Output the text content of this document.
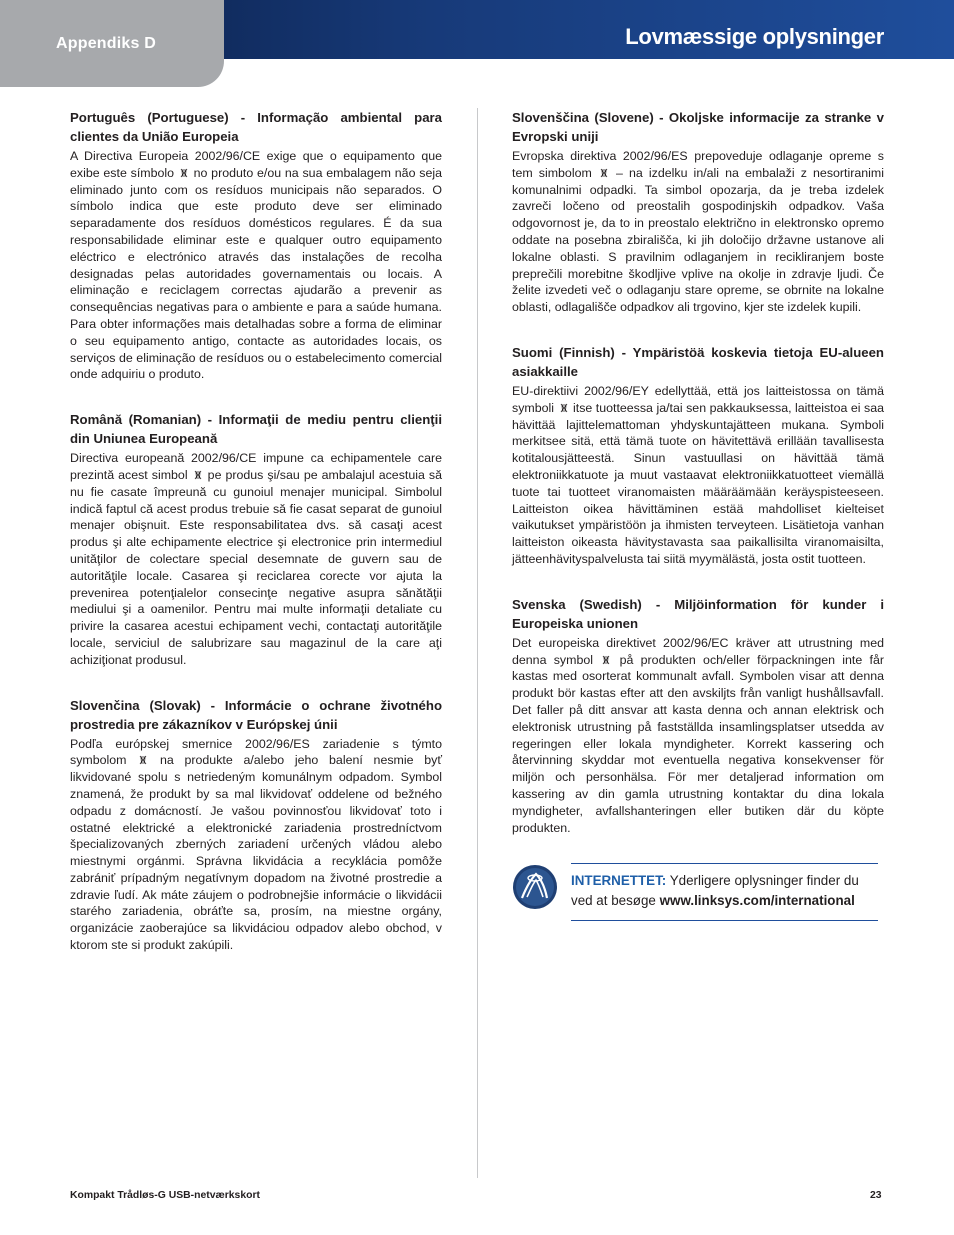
Appendiks D	Lovmæssige oplysninger
Português (Portuguese) - Informação ambiental para clientes da União Europeia

A Directiva Europeia 2002/96/CE exige que o equipamento que exibe este símbolo no produto e/ou na sua embalagem não seja eliminado junto com os resíduos municipais não separados. O símbolo indica que este produto deve ser eliminado separadamente dos resíduos domésticos regulares. É da sua responsabilidade eliminar este e qualquer outro equipamento eléctrico e electrónico através das instalações de recolha designadas pelas autoridades governamentais ou locais. A eliminação e reciclagem correctas ajudarão a prevenir as consequências negativas para o ambiente e para a saúde humana. Para obter informações mais detalhadas sobre a forma de eliminar o seu equipamento antigo, contacte as autoridades locais, os serviços de eliminação de resíduos ou o estabelecimento comercial onde adquiriu o produto.

Română (Romanian) - Informaţii de mediu pentru clienţii din Uniunea Europeană

Directiva europeană 2002/96/CE impune ca echipamentele care prezintă acest simbol pe produs şi/sau pe ambalajul acestuia să nu fie casate împreună cu gunoiul menajer municipal. Simbolul indică faptul că acest produs trebuie să fie casat separat de gunoiul menajer obişnuit. Este responsabilitatea dvs. să casaţi acest produs şi alte echipamente electrice şi electronice prin intermediul unităţilor de colectare special desemnate de guvern sau de autorităţile locale. Casarea şi reciclarea corecte vor ajuta la prevenirea potenţialelor consecinţe negative asupra sănătăţii mediului şi a oamenilor. Pentru mai multe informaţii detaliate cu privire la casarea acestui echipament vechi, contactaţi autorităţile locale, serviciul de salubrizare sau magazinul de la care aţi achiziţionat produsul.

Slovenčina (Slovak) - Informácie o ochrane životného prostredia pre zákazníkov v Európskej únii

Podľa európskej smernice 2002/96/ES zariadenie s týmto symbolom	na produkte a/alebo jeho balení nesmie byť likvidované spolu s netriedeným komunálnym odpadom. Symbol znamená, že produkt by sa mal likvidovať oddelene od bežného odpadu z domácností. Je vašou povinnosťou likvidovať toto i ostatné elektrické a elektronické zariadenia prostredníctvom špecializovaných zberných zariadení určených vládou alebo miestnymi orgánmi. Správna likvidácia a recyklácia pomôže zabrániť prípadným negatívnym dopadom na životné prostredie a zdravie ľudí. Ak máte záujem o podrobnejšie informácie o likvidácii starého zariadenia, obráťte sa, prosím, na miestne orgány, organizácie zaoberajúce sa likvidáciou odpadov alebo obchod, v ktorom ste si produkt zakúpili.

Slovenščina (Slovene) - Okoljske informacije za stranke v Evropski uniji

Evropska direktiva 2002/96/ES prepoveduje odlaganje opreme s tem simbolom – na izdelku in/ali na embalaži z nesortiranimi komunalnimi odpadki. Ta simbol opozarja, da je treba izdelek zavreči ločeno od preostalih gospodinjskih odpadkov. Vaša odgovornost je, da to in preostalo električno in elektronsko opremo oddate na posebna zbirališča, ki jih določijo državne ustanove ali lokalne oblasti. S pravilnim odlaganjem in recikliranjem boste preprečili morebitne škodljive vplive na okolje in zdravje ljudi. Če želite izvedeti več o odlaganju stare opreme, se obrnite na lokalne oblasti, odlagališče odpadkov ali trgovino, kjer ste izdelek kupili.

Suomi (Finnish) - Ympäristöä koskevia tietoja EU-alueen asiakkaille

EU-direktiivi 2002/96/EY edellyttää, että jos laitteistossa on tämä symboli itse tuotteessa ja/tai sen pakkauksessa, laitteistoa ei saa hävittää lajittelemattoman yhdyskuntajätteen mukana. Symboli merkitsee sitä, että tämä tuote on hävitettävä erillään tavallisesta kotitalousjätteestä. Sinun vastuullasi on hävittää tämä elektroniikkatuote ja muut vastaavat elektroniikkatuotteet viemällä tuote tai tuotteet viranomaisten määräämään keräyspisteeseen. Laitteiston oikea hävittäminen estää mahdolliset kielteiset vaikutukset ympäristöön ja ihmisten terveyteen. Lisätietoja vanhan laitteiston oikeasta hävitystavasta saa paikallisilta viranomaisilta, jätteenhävityspalvelusta tai siitä myymälästä, josta ostit tuotteen.

Svenska (Swedish) - Miljöinformation för kunder i Europeiska unionen

Det europeiska direktivet 2002/96/EC kräver att utrustning med denna symbol på produkten och/eller förpackningen inte får kastas med osorterat kommunalt avfall. Symbolen visar att denna produkt bör kastas efter att den avskiljts från vanligt hushållsavfall. Det faller på ditt ansvar att kasta denna och annan elektrisk och elektronisk utrustning på fastställda insamlingsplatser utsedda av regeringen eller lokala myndigheter. Korrekt kassering och återvinning skyddar mot eventuella negativa konsekvenser för miljön och personhälsa. För mer detaljerad information om kassering av din gamla utrustning kontaktar du dina lokala myndigheter, avfallshanteringen eller butiken där du köpte produkten.

INTERNETTET: Yderligere oplysninger finder du ved at besøge www.linksys.com/international
Kompakt Trådløs-G USB-netværkskort	23
